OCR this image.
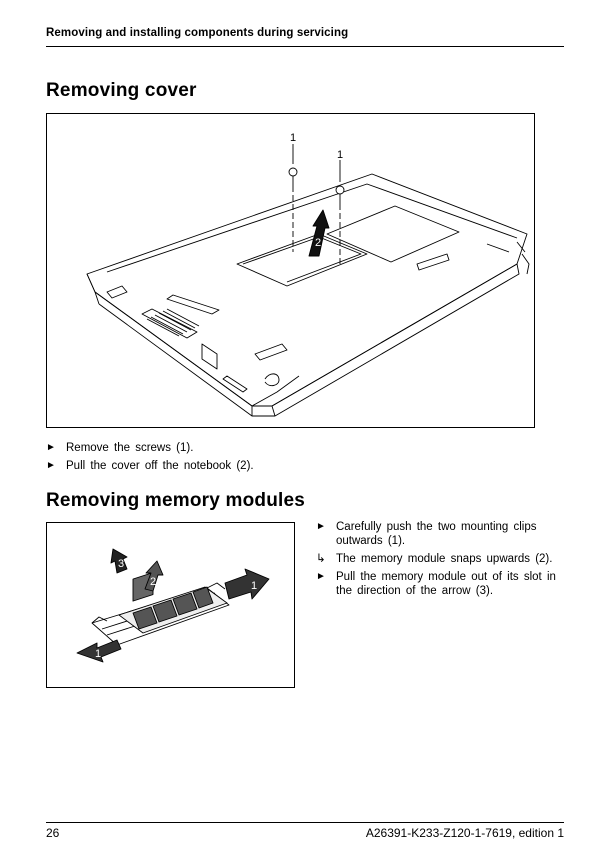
Removing and installing components during servicing
Removing cover
1
1
2
► Remove the screws (1).
► Pull the cover off the notebook (2).
Removing memory modules
3
2	1
1
► Carefully push the two mounting clips outwards (1).
↳ The memory module snaps upwards (2).
► Pull the memory module out of its slot in the direction of the arrow (3).
26	A26391-K233-Z120-1-7619, edition 1
